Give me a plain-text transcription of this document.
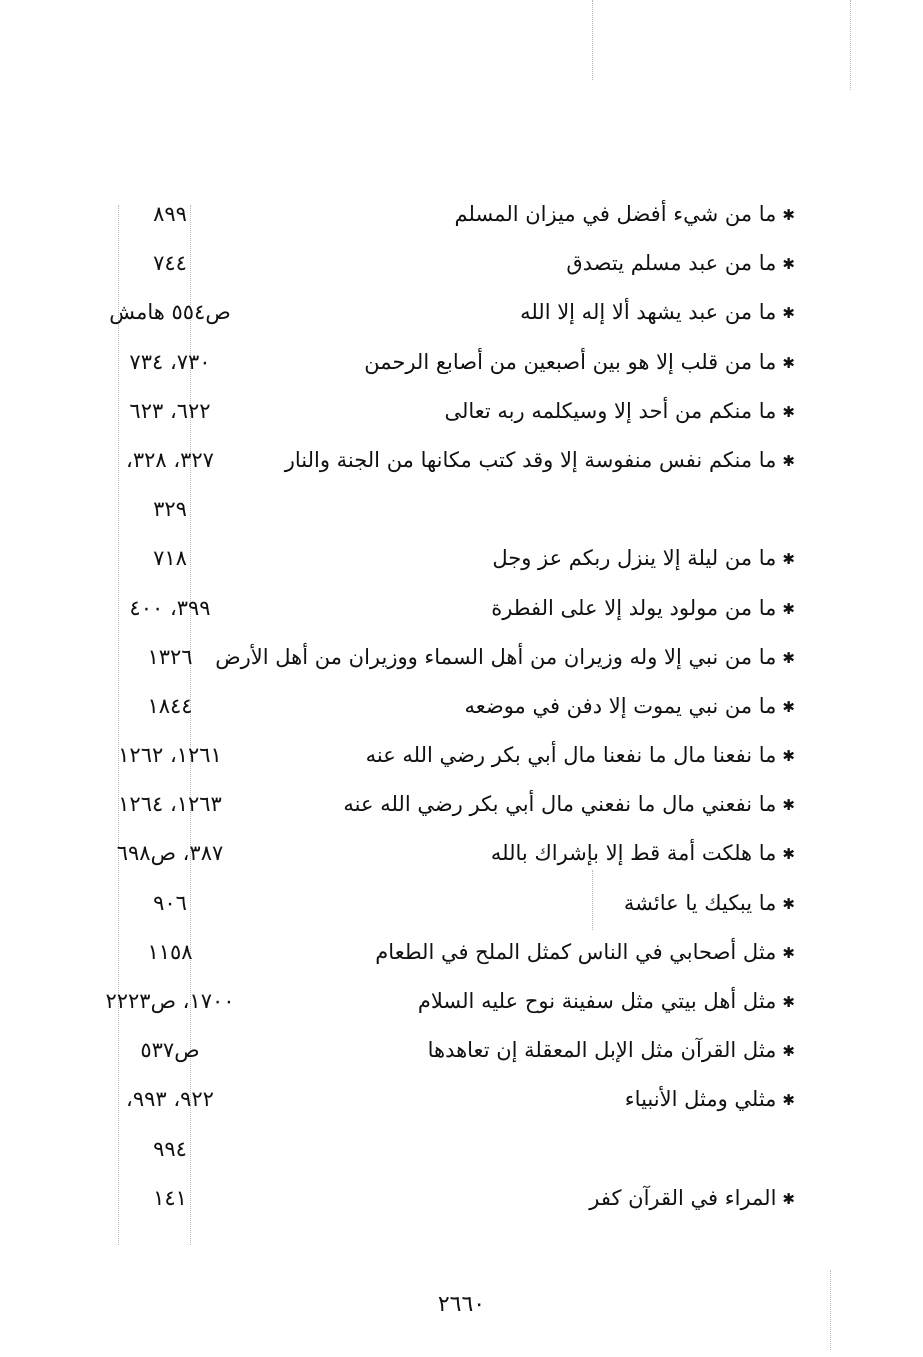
✱ ما من شيء أفضل في ميزان المسلم
٨٩٩
✱ ما من عبد مسلم يتصدق
٧٤٤
✱ ما من عبد يشهد ألا إله إلا الله
ص٥٥٤ هامش
✱ ما من قلب إلا هو بين أصبعين من أصابع الرحمن
٧٣٠، ٧٣٤
✱ ما منكم من أحد إلا وسيكلمه ربه تعالى
٦٢٢، ٦٢٣
✱ ما منكم نفس منفوسة إلا وقد كتب مكانها من الجنة والنار
٣٢٧، ٣٢٨،
٣٢٩
✱ ما من ليلة إلا ينزل ربكم عز وجل
٧١٨
✱ ما من مولود يولد إلا على الفطرة
٣٩٩، ٤٠٠
✱ ما من نبي إلا وله وزيران من أهل السماء ووزيران من أهل الأرض
١٣٢٦
✱ ما من نبي يموت إلا دفن في موضعه
١٨٤٤
✱ ما نفعنا مال ما نفعنا مال أبي بكر رضي الله عنه
١٢٦١، ١٢٦٢
✱ ما نفعني مال ما نفعني مال أبي بكر رضي الله عنه
١٢٦٣، ١٢٦٤
✱ ما هلكت أمة قط إلا بإشراك بالله
٣٨٧، ص٦٩٨
✱ ما يبكيك يا عائشة
٩٠٦
✱ مثل أصحابي في الناس كمثل الملح في الطعام
١١٥٨
✱ مثل أهل بيتي مثل سفينة نوح عليه السلام
١٧٠٠، ص٢٢٢٣
✱ مثل القرآن مثل الإبل المعقلة إن تعاهدها
ص٥٣٧
✱ مثلي ومثل الأنبياء
٩٢٢، ٩٩٣،
٩٩٤
✱ المراء في القرآن كفر
١٤١
٢٦٦٠
